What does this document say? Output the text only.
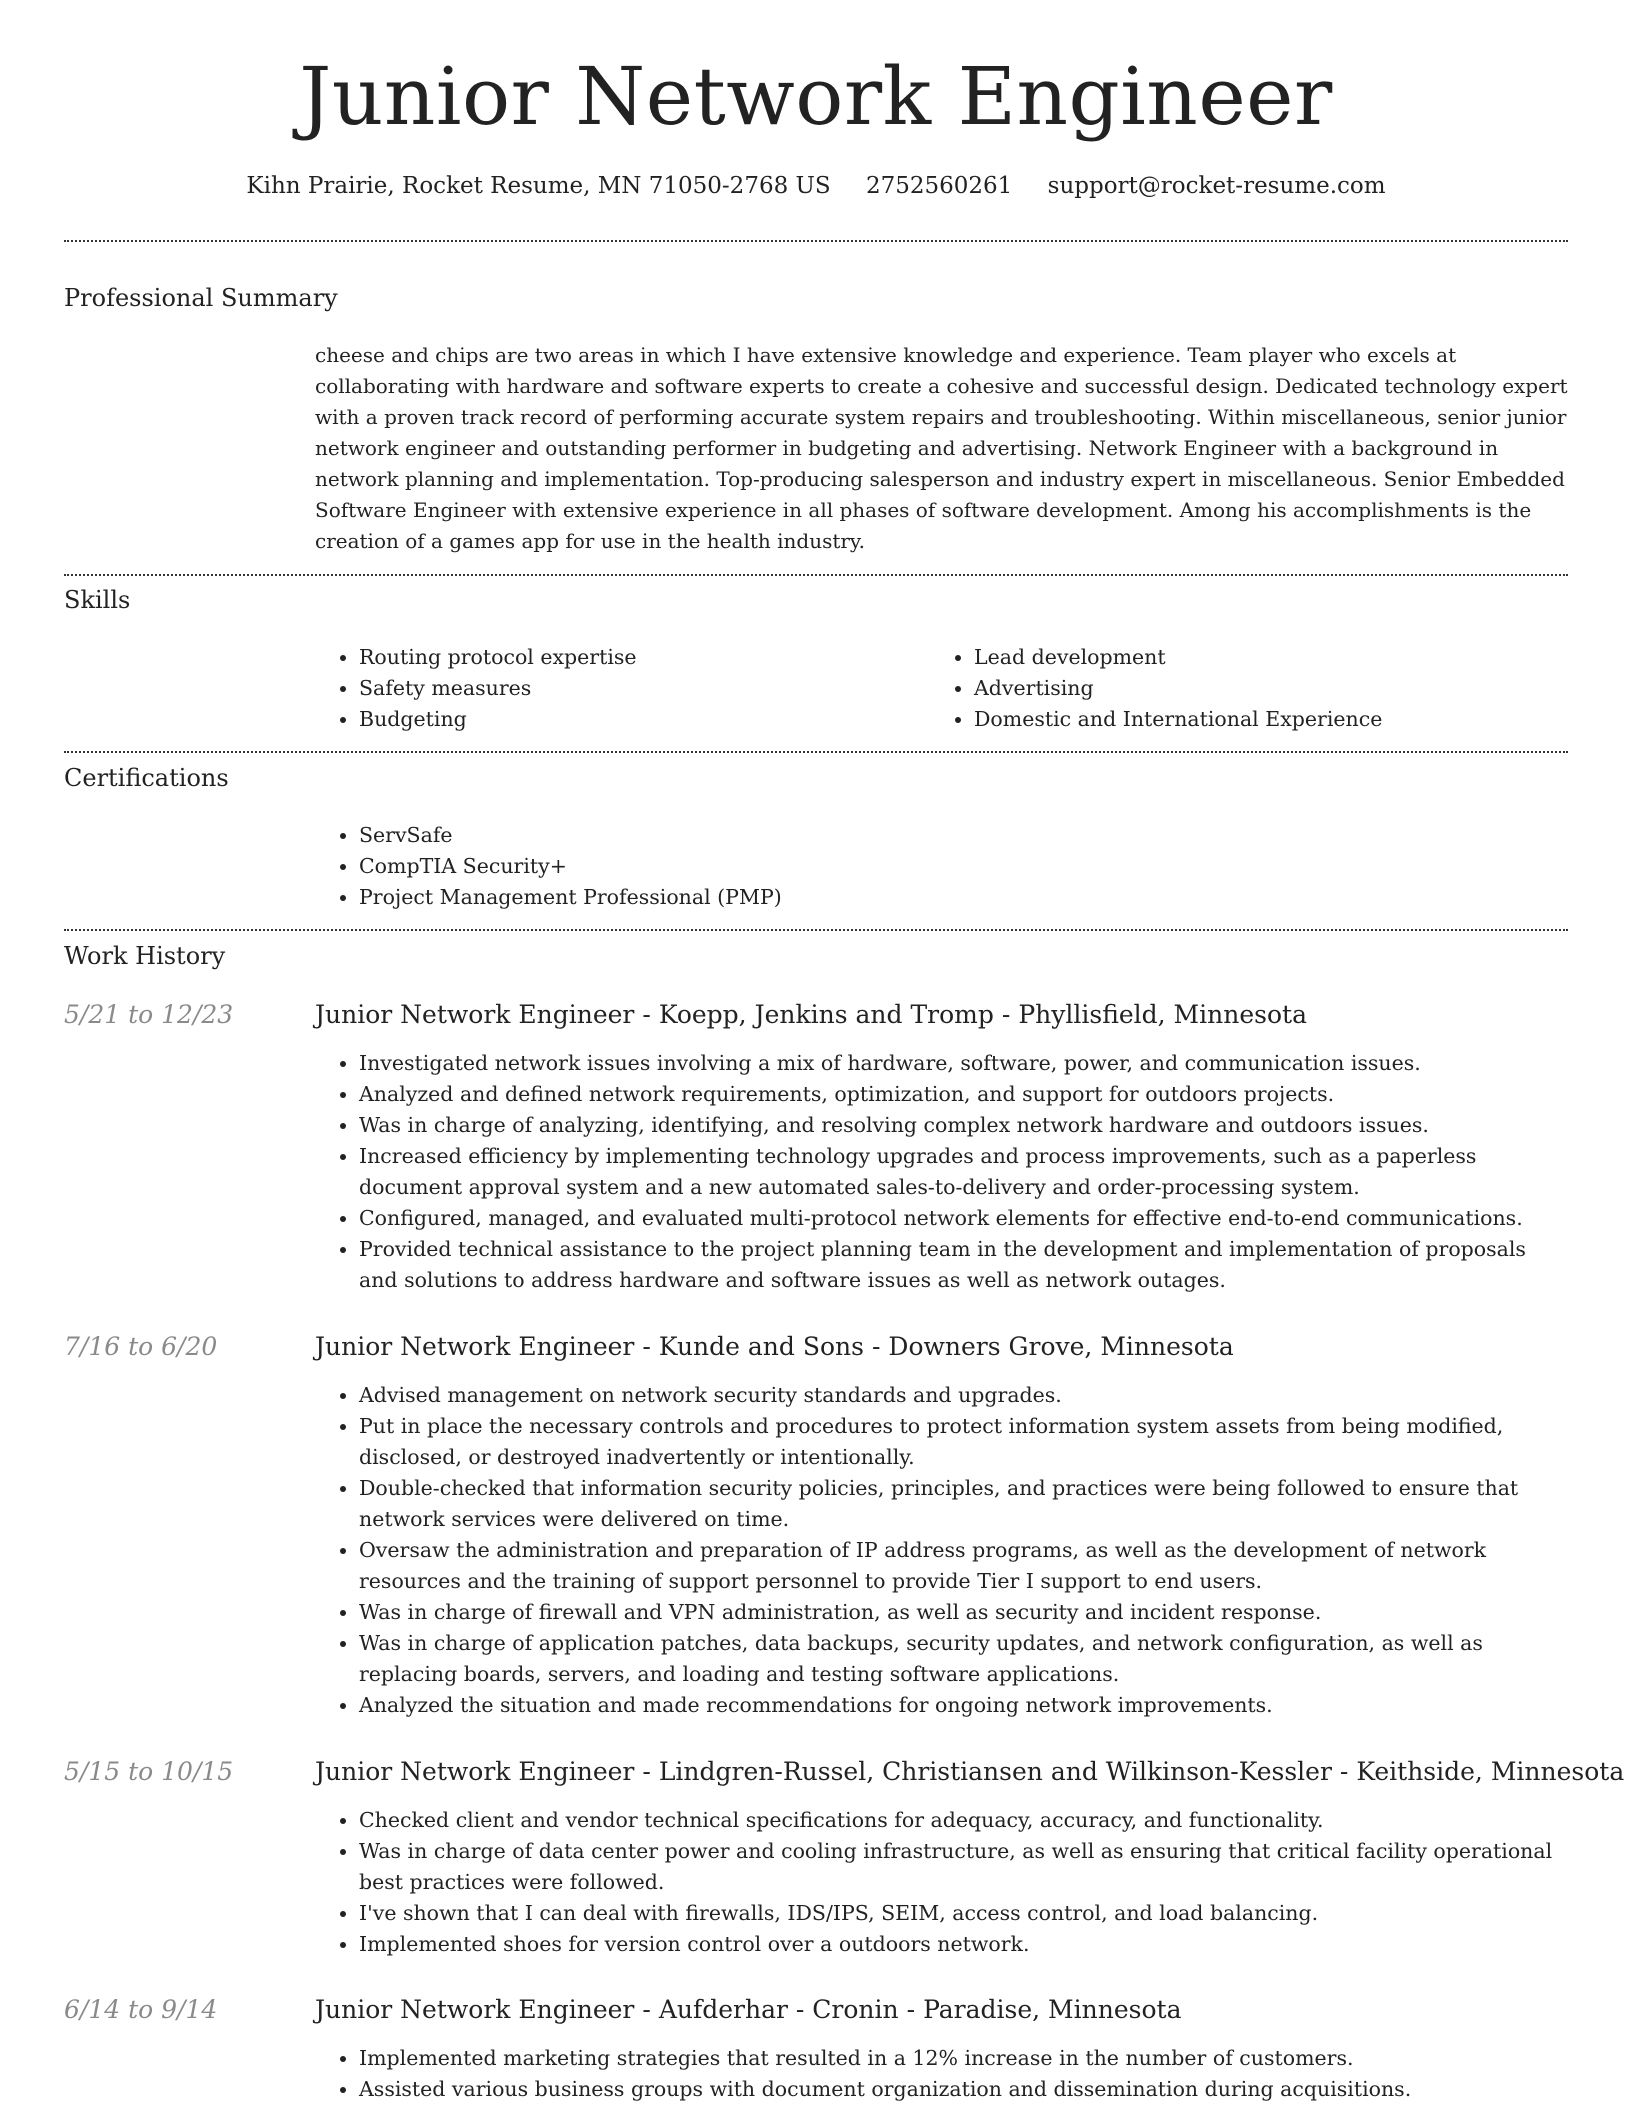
Junior Network Engineer
Kihn Prairie, Rocket Resume, MN 71050-2768 US 2752560261 support@rocket-resume.com
Professional Summary
cheese and chips are two areas in which I have extensive knowledge and experience. Team player who excels at collaborating with hardware and software experts to create a cohesive and successful design. Dedicated technology expert with a proven track record of performing accurate system repairs and troubleshooting. Within miscellaneous, senior junior network engineer and outstanding performer in budgeting and advertising. Network Engineer with a background in network planning and implementation. Top-producing salesperson and industry expert in miscellaneous. Senior Embedded Software Engineer with extensive experience in all phases of software development. Among his accomplishments is the creation of a games app for use in the health industry.
Skills
• Routing protocol expertise
• Safety measures
• Budgeting
• Lead development
• Advertising
• Domestic and International Experience
Certifications
• ServSafe
• CompTIA Security+
• Project Management Professional (PMP)
Work History
5/21 to 12/23	Junior Network Engineer - Koepp, Jenkins and Tromp - Phyllisfield, Minnesota
• Investigated network issues involving a mix of hardware, software, power, and communication issues.
• Analyzed and defined network requirements, optimization, and support for outdoors projects.
• Was in charge of analyzing, identifying, and resolving complex network hardware and outdoors issues.
• Increased efficiency by implementing technology upgrades and process improvements, such as a paperless document approval system and a new automated sales-to-delivery and order-processing system.
• Configured, managed, and evaluated multi-protocol network elements for effective end-to-end communications.
• Provided technical assistance to the project planning team in the development and implementation of proposals and solutions to address hardware and software issues as well as network outages.
7/16 to 6/20	Junior Network Engineer - Kunde and Sons - Downers Grove, Minnesota
• Advised management on network security standards and upgrades.
• Put in place the necessary controls and procedures to protect information system assets from being modified, disclosed, or destroyed inadvertently or intentionally.
• Double-checked that information security policies, principles, and practices were being followed to ensure that network services were delivered on time.
• Oversaw the administration and preparation of IP address programs, as well as the development of network resources and the training of support personnel to provide Tier I support to end users.
• Was in charge of firewall and VPN administration, as well as security and incident response.
• Was in charge of application patches, data backups, security updates, and network configuration, as well as replacing boards, servers, and loading and testing software applications.
• Analyzed the situation and made recommendations for ongoing network improvements.
5/15 to 10/15	Junior Network Engineer - Lindgren-Russel, Christiansen and Wilkinson-Kessler - Keithside, Minnesota
• Checked client and vendor technical specifications for adequacy, accuracy, and functionality.
• Was in charge of data center power and cooling infrastructure, as well as ensuring that critical facility operational best practices were followed.
• I've shown that I can deal with firewalls, IDS/IPS, SEIM, access control, and load balancing.
• Implemented shoes for version control over a outdoors network.
6/14 to 9/14	Junior Network Engineer - Aufderhar - Cronin - Paradise, Minnesota
• Implemented marketing strategies that resulted in a 12% increase in the number of customers.
• Assisted various business groups with document organization and dissemination during acquisitions.
